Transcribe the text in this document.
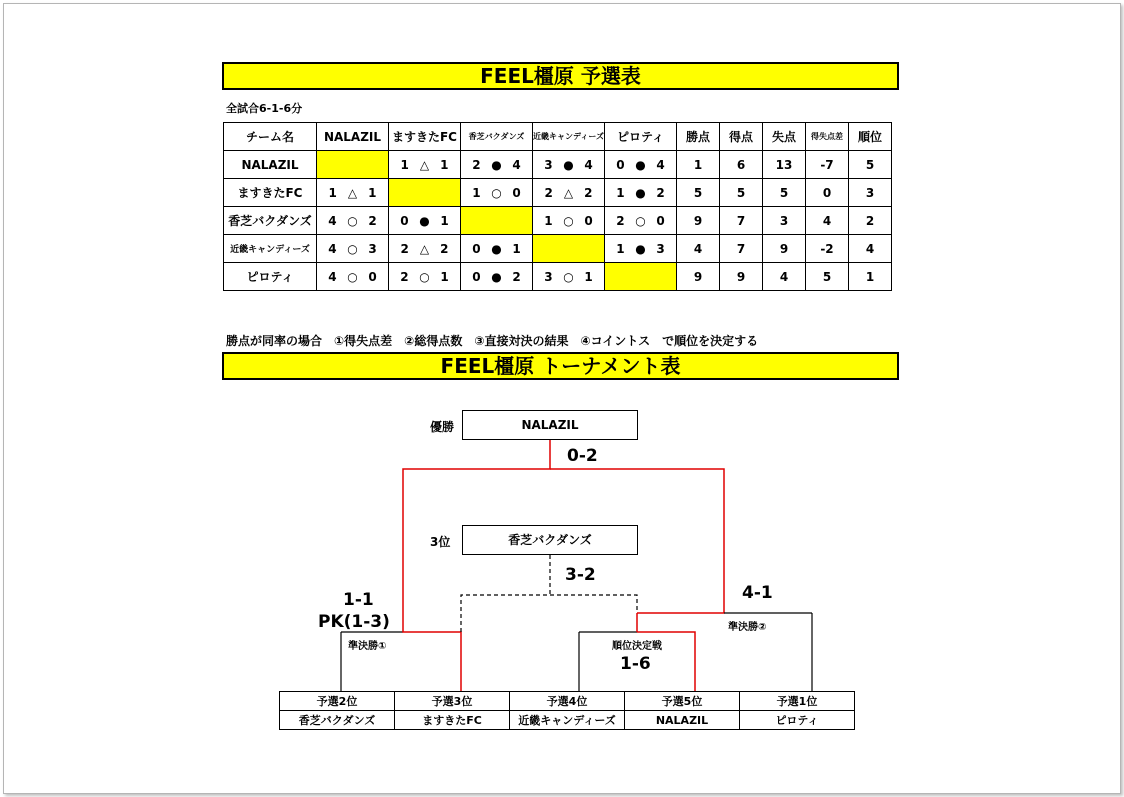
FEEL橿原 予選表
全試合6-1-6分
チーム名	NALAZIL	ますきたFC	香芝バクダンズ	近畿キャンディーズ	ピロティ	勝点	得点	失点	得失点差	順位
NALAZIL		1 △ 1	2 ● 4	3 ● 4	0 ● 4	1	6	13	-7	5
ますきたFC	1 △ 1		1 ○ 0	2 △ 2	1 ● 2	5	5	5	0	3
香芝バクダンズ	4 ○ 2	0 ● 1		1 ○ 0	2 ○ 0	9	7	3	4	2
近畿キャンディーズ	4 ○ 3	2 △ 2	0 ● 1		1 ● 3	4	7	9	-2	4
ピロティ	4 ○ 0	2 ○ 1	0 ● 2	3 ○ 1		9	9	4	5	1
勝点が同率の場合　①得失点差　②総得点数　③直接対決の結果　④コイントス　で順位を決定する
FEEL橿原 トーナメント表
優勝	NALAZIL
0-2
3位	香芝バクダンズ
3-2
1-1
PK(1-3)
準決勝①
4-1
準決勝②
順位決定戦
1-6
予選2位	予選3位	予選4位	予選5位	予選1位
香芝バクダンズ	ますきたFC	近畿キャンディーズ	NALAZIL	ピロティ
